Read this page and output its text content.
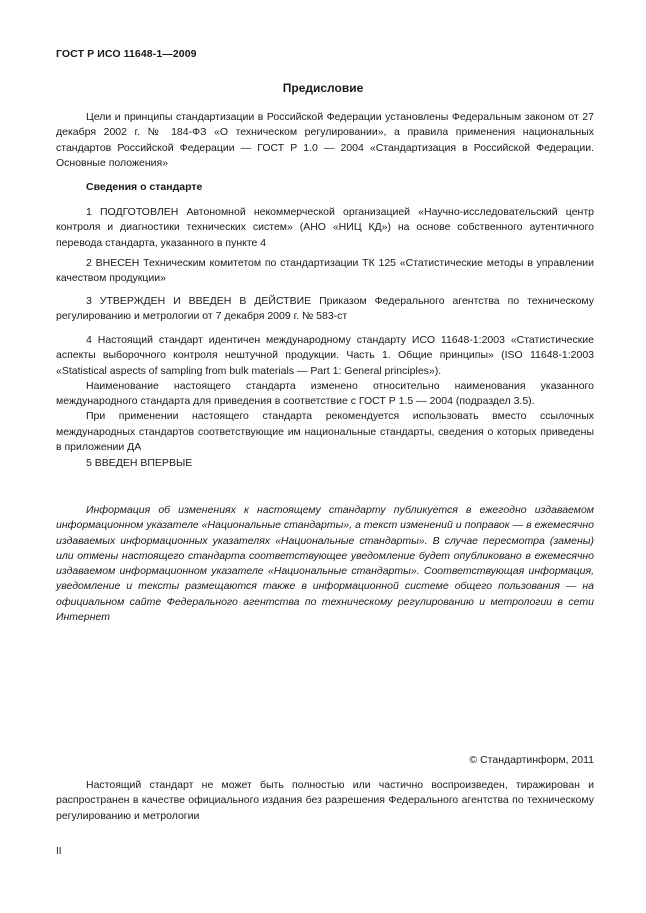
ГОСТ Р ИСО 11648-1—2009
Предисловие

Цели и принципы стандартизации в Российской Федерации установлены Федеральным законом от 27 декабря 2002 г. № 184-ФЗ «О техническом регулировании», а правила применения национальных стандартов Российской Федерации — ГОСТ Р 1.0 — 2004 «Стандартизация в Российской Федерации. Основные положения»

Сведения о стандарте

1 ПОДГОТОВЛЕН Автономной некоммерческой организацией «Научно-исследовательский центр контроля и диагностики технических систем» (АНО «НИЦ КД») на основе собственного аутентичного перевода стандарта, указанного в пункте 4

2 ВНЕСЕН Техническим комитетом по стандартизации ТК 125 «Статистические методы в управлении качеством продукции»

3 УТВЕРЖДЕН И ВВЕДЕН В ДЕЙСТВИЕ Приказом Федерального агентства по техническому регулированию и метрологии от 7 декабря 2009 г. № 583-ст

4 Настоящий стандарт идентичен международному стандарту ИСО 11648-1:2003 «Статистические аспекты выборочного контроля нештучной продукции. Часть 1. Общие принципы» (ISO 11648-1:2003 «Statistical aspects of sampling from bulk materials — Part 1: General principles»).

Наименование настоящего стандарта изменено относительно наименования указанного международного стандарта для приведения в соответствие с ГОСТ Р 1.5 — 2004 (подраздел 3.5).

При применении настоящего стандарта рекомендуется использовать вместо ссылочных международных стандартов соответствующие им национальные стандарты, сведения о которых приведены в приложении ДА

5 ВВЕДЕН ВПЕРВЫЕ

Информация об изменениях к настоящему стандарту публикуется в ежегодно издаваемом информационном указателе «Национальные стандарты», а текст изменений и поправок — в ежемесячно издаваемых информационных указателях «Национальные стандарты». В случае пересмотра (замены) или отмены настоящего стандарта соответствующее уведомление будет опубликовано в ежемесячно издаваемом информационном указателе «Национальные стандарты». Соответствующая информация, уведомление и тексты размещаются также в информационной системе общего пользования — на официальном сайте Федерального агентства по техническому регулированию и метрологии в сети Интернет

© Стандартинформ, 2011

Настоящий стандарт не может быть полностью или частично воспроизведен, тиражирован и распространен в качестве официального издания без разрешения Федерального агентства по техническому регулированию и метрологии

II
